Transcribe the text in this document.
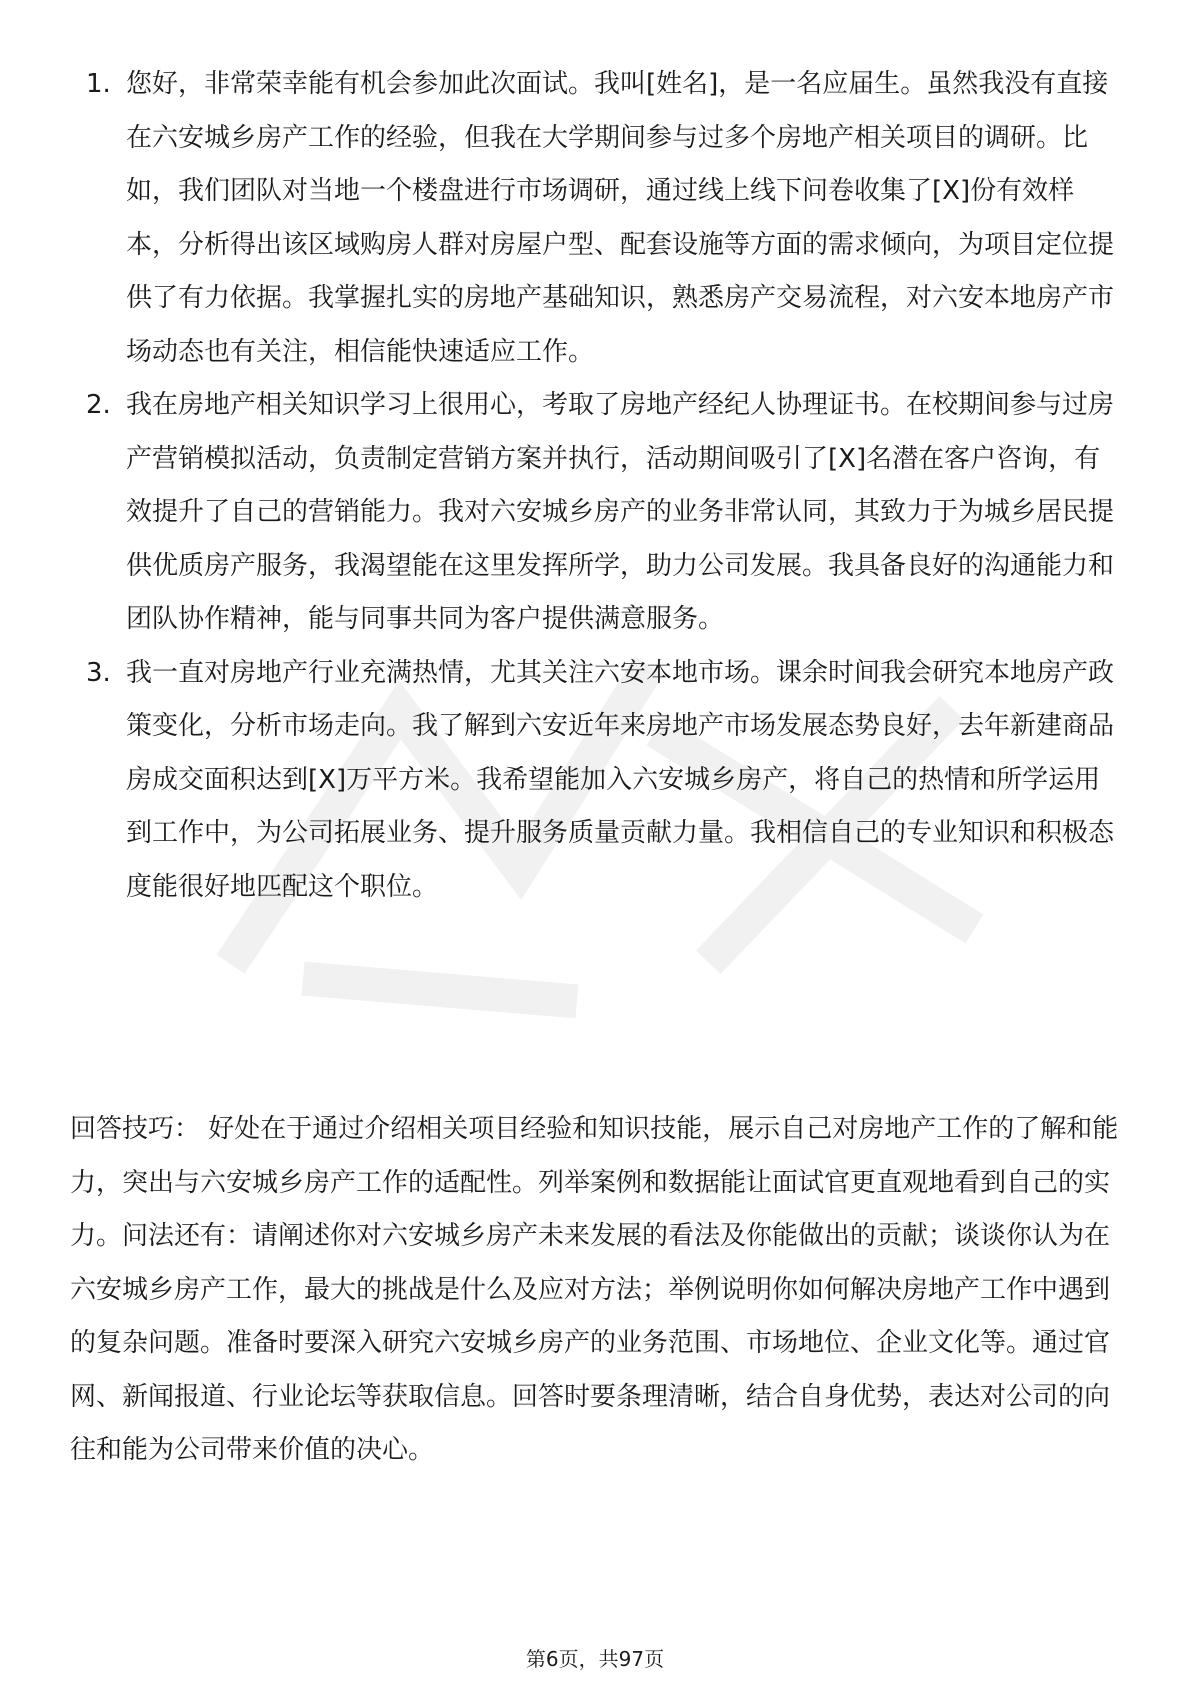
1. 您好，非常荣幸能有机会参加此次面试。我叫[姓名]，是一名应届生。虽然我没有直接在六安城乡房产工作的经验，但我在大学期间参与过多个房地产相关项目的调研。比如，我们团队对当地一个楼盘进行市场调研，通过线上线下问卷收集了[X]份有效样本，分析得出该区域购房人群对房屋户型、配套设施等方面的需求倾向，为项目定位提供了有力依据。我掌握扎实的房地产基础知识，熟悉房产交易流程，对六安本地房产市场动态也有关注，相信能快速适应工作。
2. 我在房地产相关知识学习上很用心，考取了房地产经纪人协理证书。在校期间参与过房产营销模拟活动，负责制定营销方案并执行，活动期间吸引了[X]名潜在客户咨询，有效提升了自己的营销能力。我对六安城乡房产的业务非常认同，其致力于为城乡居民提供优质房产服务，我渴望能在这里发挥所学，助力公司发展。我具备良好的沟通能力和团队协作精神，能与同事共同为客户提供满意服务。
3. 我一直对房地产行业充满热情，尤其关注六安本地市场。课余时间我会研究本地房产政策变化，分析市场走向。我了解到六安近年来房地产市场发展态势良好，去年新建商品房成交面积达到[X]万平方米。我希望能加入六安城乡房产，将自己的热情和所学运用到工作中，为公司拓展业务、提升服务质量贡献力量。我相信自己的专业知识和积极态度能很好地匹配这个职位。

回答技巧： 好处在于通过介绍相关项目经验和知识技能，展示自己对房地产工作的了解和能力，突出与六安城乡房产工作的适配性。列举案例和数据能让面试官更直观地看到自己的实力。问法还有：请阐述你对六安城乡房产未来发展的看法及你能做出的贡献；谈谈你认为在六安城乡房产工作，最大的挑战是什么及应对方法；举例说明你如何解决房地产工作中遇到的复杂问题。准备时要深入研究六安城乡房产的业务范围、市场地位、企业文化等。通过官网、新闻报道、行业论坛等获取信息。回答时要条理清晰，结合自身优势，表达对公司的向往和能为公司带来价值的决心。

第6页，共97页
